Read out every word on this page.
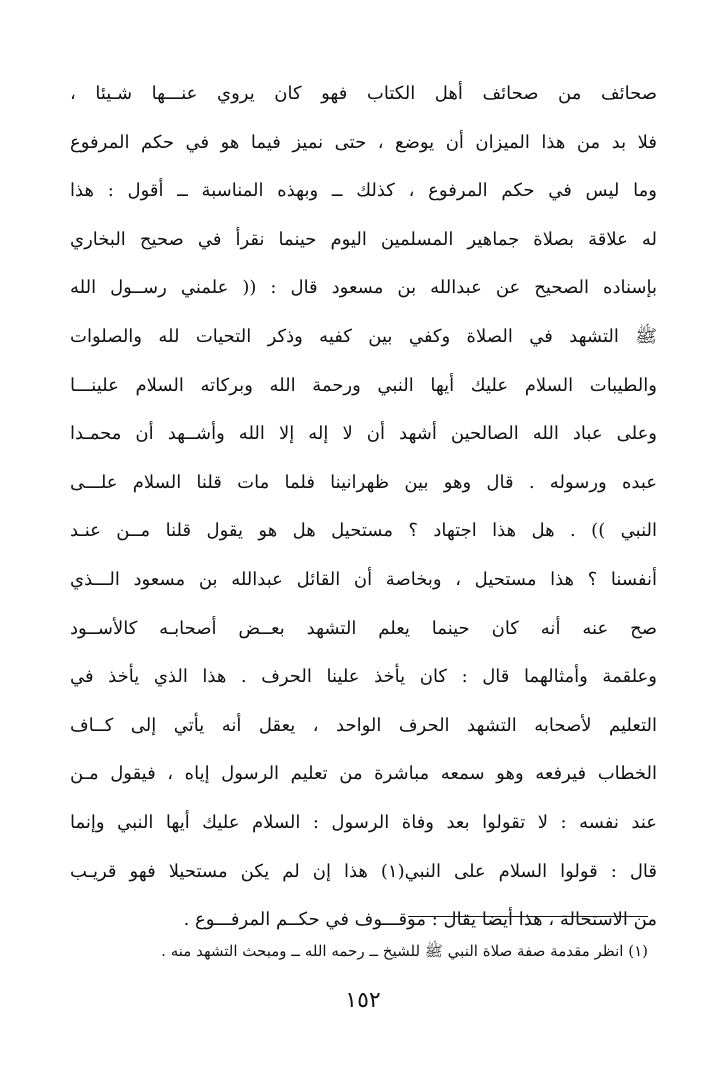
صحائف من صحائف أهل الكتاب فهو كان يروي عنـــها شـيئا ،
فلا بد من هذا الميزان أن يوضع ، حتى نميز فيما هو في حكم المرفوع
وما ليس في حكم المرفوع ، كذلك ــ وبهذه المناسبة ــ أقول : هذا
له علاقة بصلاة جماهير المسلمين اليوم حينما نقرأ في صحيح البخاري
بإسناده الصحيح عن عبدالله بن مسعود قال : (( علمني رســول الله
ﷺ التشهد في الصلاة وكفي بين كفيه وذكر التحيات لله والصلوات
والطيبات السلام عليك أيها النبي ورحمة الله وبركاته السلام علينـــا
وعلى عباد الله الصالحين أشهد أن لا إله إلا الله وأشــهد أن محمـدا
عبده ورسوله . قال وهو بين ظهرانينا فلما مات قلنا السلام علـــى
النبي )) . هل هذا اجتهاد ؟ مستحيل هل هو يقول قلنا مــن عنـد
أنفسنا ؟ هذا مستحيل ، وبخاصة أن القائل عبدالله بن مسعود الـــذي
صح عنه أنه كان حينما يعلم التشهد بعــض أصحابـه كالأســود
وعلقمة وأمثالهما قال : كان يأخذ علينا الحرف . هذا الذي يأخذ في
التعليم لأصحابه التشهد الحرف الواحد ، يعقل أنه يأتي إلى كــاف
الخطاب فيرفعه وهو سمعه مباشرة من تعليم الرسول إياه ، فيقول مـن
عند نفسه : لا تقولوا بعد وفاة الرسول : السلام عليك أيها النبي وإنما
قال : قولوا السلام على النبي(١) هذا إن لم يكن مستحيلا فهو قريـب
من الاستحالة ، هذا أيضا يقال : موقـــوف في حكــم المرفـــوع .
(١) انظر مقدمة صفة صلاة النبي ﷺ للشيخ ــ رحمه الله ــ ومبحث التشهد منه .
١٥٢
